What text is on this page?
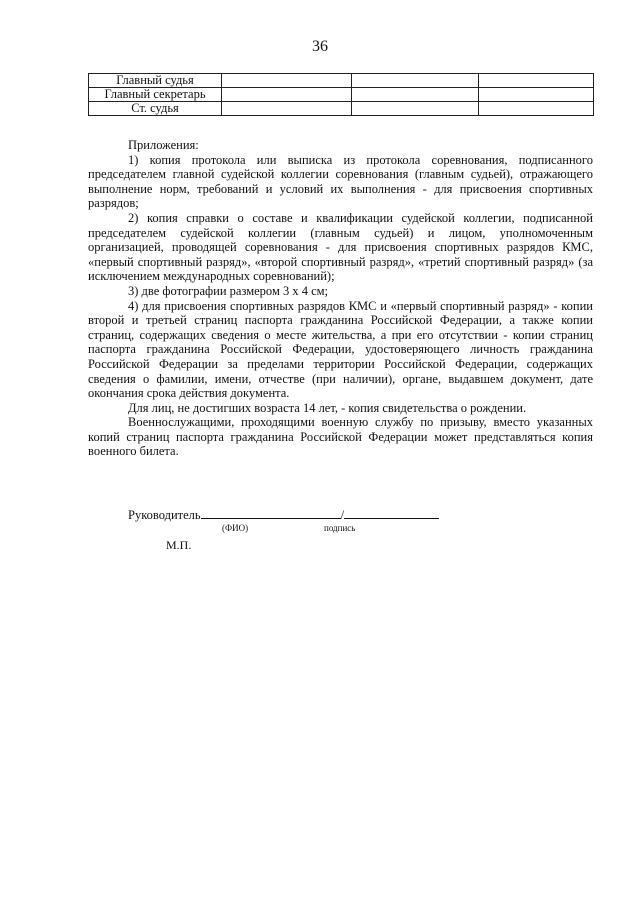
36
Главный судья			
Главный секретарь			
Ст. судья			

Приложения:

1) копия протокола или выписка из протокола соревнования, подписанного председателем главной судейской коллегии соревнования (главным судьей), отражающего выполнение норм, требований и условий их выполнения - для присвоения спортивных разрядов;

2) копия справки о составе и квалификации судейской коллегии, подписанной председателем судейской коллегии (главным судьей) и лицом, уполномоченным организацией, проводящей соревнования - для присвоения спортивных разрядов КМС, «первый спортивный разряд», «второй спортивный разряд», «третий спортивный разряд» (за исключением международных соревнований);

3) две фотографии размером 3 х 4 см;

4) для присвоения спортивных разрядов КМС и «первый спортивный разряд» - копии второй и третьей страниц паспорта гражданина Российской Федерации, а также копии страниц, содержащих сведения о месте жительства, а при его отсутствии - копии страниц паспорта гражданина Российской Федерации, удостоверяющего личность гражданина Российской Федерации за пределами территории Российской Федерации, содержащих сведения о фамилии, имени, отчестве (при наличии), органе, выдавшем документ, дате окончания срока действия документа.

Для лиц, не достигших возраста 14 лет, - копия свидетельства о рождении.

Военнослужащими, проходящими военную службу по призыву, вместо указанных копий страниц паспорта гражданина Российской Федерации может представляться копия военного билета.

Руководитель	/
(ФИО)	подпись
М.П.
